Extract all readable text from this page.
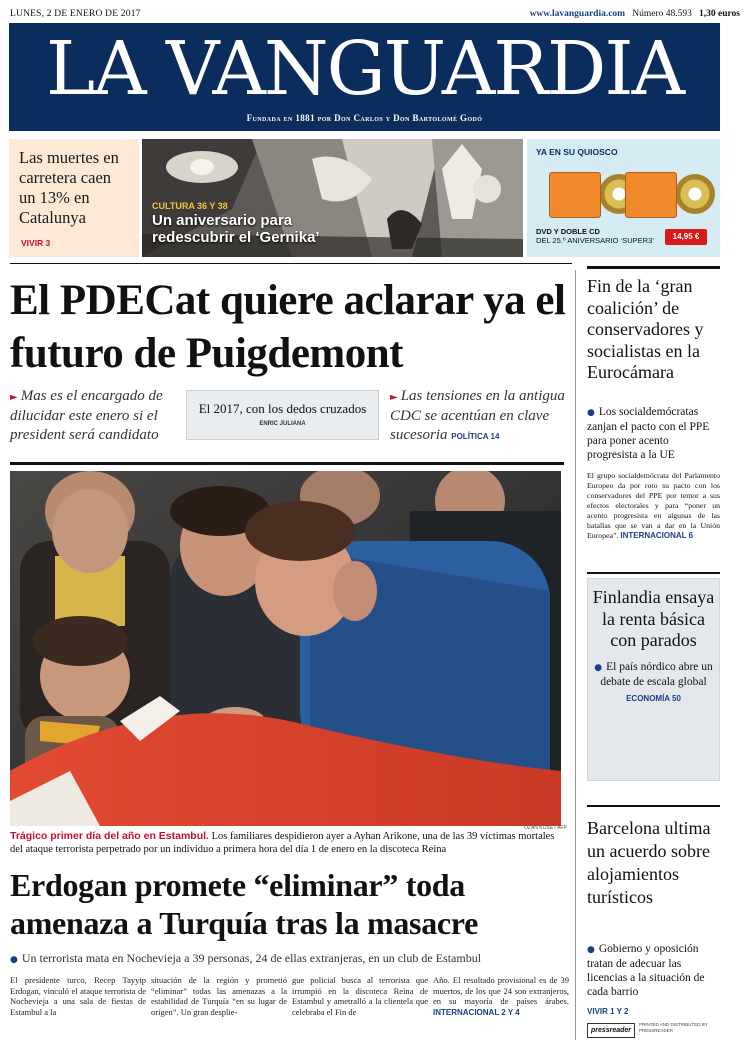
LUNES, 2 DE ENERO DE 2017	www.lavanguardia.com Número 48.593 1,30 euros
LA VANGUARDIA
Fundada en 1881 por Don Carlos y Don Bartolomé Godó
Las muertes en carretera caen un 13% en Catalunya
VIVIR 3
CULTURA 36 Y 38
Un aniversario para redescubrir el ‘Gernika’
YA EN SU QUIOSCO
DVD Y DOBLE CD
DEL 25.º ANIVERSARIO ‘SUPER3’	14,95 €
El PDECat quiere aclarar ya el futuro de Puigdemont
► Mas es el encargado de dilucidar este enero si el president será candidato
El 2017, con los dedos cruzados
ENRIC JULIANA
► Las tensiones en la antigua CDC se acentúan en clave sucesoria POLÍTICA 14
OZAN KOSE / AFP
Trágico primer día del año en Estambul. Los familiares despidieron ayer a Ayhan Arikone, una de las 39 víctimas mortales del ataque terrorista perpetrado por un individuo a primera hora del día 1 de enero en la discoteca Reina
Erdogan promete “eliminar” toda amenaza a Turquía tras la masacre
● Un terrorista mata en Nochevieja a 39 personas, 24 de ellas extranjeras, en un club de Estambul
El presidente turco, Recep Tayyip Erdogan, vinculó el ataque terrorista de Nochevieja a una sala de fiestas de Estambul a la
situación de la región y prometió “eliminar” todas las amenazas a la estabilidad de Turquía “en su lugar de origen”. Un gran desplie-
gue policial busca al terrorista que irrumpió en la discoteca Reina de Estambul y ametralló a la clientela que celebraba el Fin de
Año. El resultado provisional es de 39 muertos, de los que 24 son extranjeros, en su mayoría de países árabes. INTERNACIONAL 2 Y 4
Fin de la ‘gran coalición’ de conservadores y socialistas en la Eurocámara
● Los socialdemócratas zanjan el pacto con el PPE para poner acento progresista a la UE
El grupo socialdemócrata del Parlamento Europeo da por roto su pacto con los conservadores del PPE por temor a sus efectos electorales y para “poner un acento progresista en algunas de las batallas que se van a dar en la Unión Europea”. INTERNACIONAL 6
Finlandia ensaya la renta básica con parados
● El país nórdico abre un debate de escala global
ECONOMÍA 50
Barcelona ultima un acuerdo sobre alojamientos turísticos
● Gobierno y oposición tratan de adecuar las licencias a la situación de cada barrio
VIVIR 1 Y 2
pressreader
PRINTED AND DISTRIBUTED BY PRESSREADER
